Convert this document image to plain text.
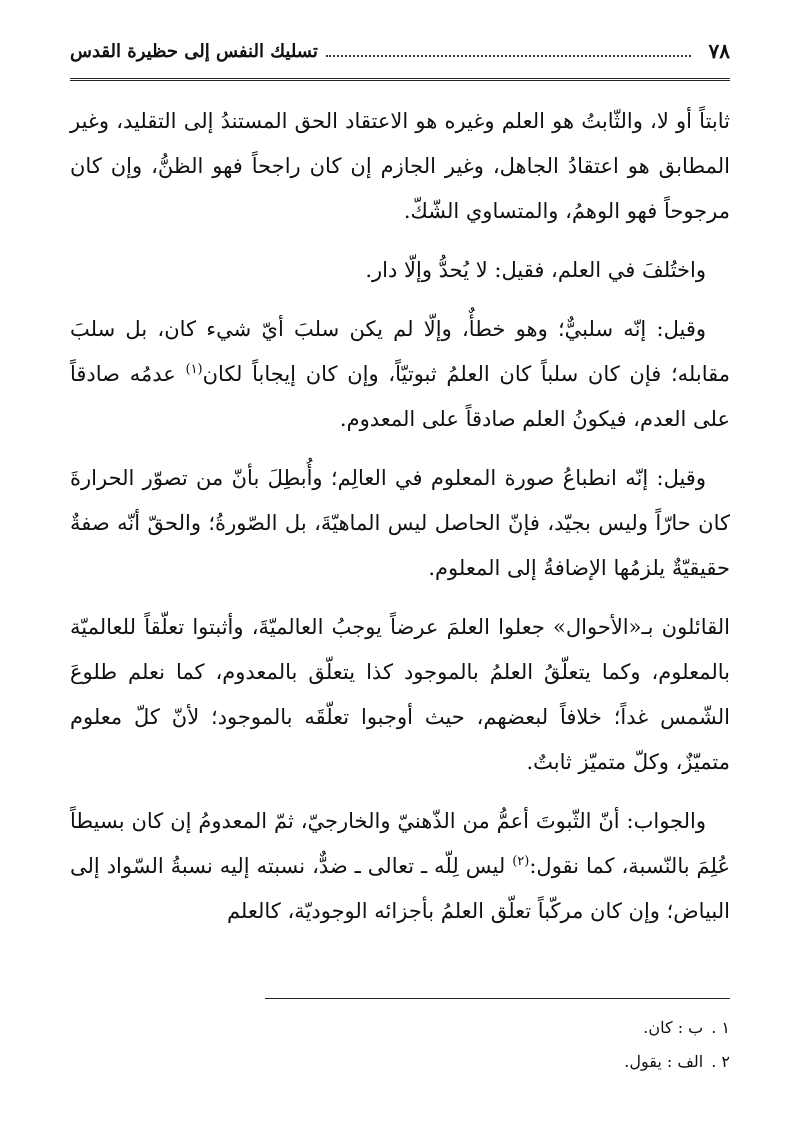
٧٨
تسليك النفس إلى حظيرة القدس

ثابتاً أو لا، والثّابتُ هو العلم وغيره هو الاعتقاد الحق المستندُ إلى التقليد، وغير المطابق هو اعتقادُ الجاهل، وغير الجازم إن كان راجحاً فهو الظنُّ، وإن كان مرجوحاً فهو الوهمُ، والمتساوي الشّكّ.

واختُلفَ في العلم، فقيل: لا يُحدُّ وإلّا دار.

وقيل: إنّه سلبيٌّ؛ وهو خطأٌ، وإلّا لم يكن سلبَ أيّ شيء كان، بل سلبَ مقابله؛ فإن كان سلباً كان العلمُ ثبوتيّاً، وإن كان إيجاباً لكان$^{(١)}$ عدمُه صادقاً على العدم، فيكونُ العلم صادقاً على المعدوم.

وقيل: إنّه انطباعُ صورة المعلوم في العالِم؛ وأُبطِلَ بأنّ من تصوّر الحرارةَ كان حارّاً وليس بجيّد، فإنّ الحاصل ليس الماهيّةَ، بل الصّورةُ؛ والحقّ أنّه صفةٌ حقيقيّةٌ يلزمُها الإضافةُ إلى المعلوم.

القائلون بـ«الأحوال» جعلوا العلمَ عرضاً يوجبُ العالميّةَ، وأثبتوا تعلّقاً للعالميّة بالمعلوم، وكما يتعلّقُ العلمُ بالموجود كذا يتعلّق بالمعدوم، كما نعلم طلوعَ الشّمس غداً؛ خلافاً لبعضهم، حيث أوجبوا تعلّقَه بالموجود؛ لأنّ كلّ معلوم متميّزٌ، وكلّ متميّز ثابتٌ.

والجواب: أنّ الثّبوتَ أعمُّ من الذّهنيّ والخارجيّ، ثمّ المعدومُ إن كان بسيطاً عُلِمَ بالنّسبة، كما نقول:$^{(٢)}$ ليس لِلّه ـ تعالى ـ ضدٌّ، نسبته إليه نسبةُ السّواد إلى البياض؛ وإن كان مركّباً تعلّق العلمُ بأجزائه الوجوديّة، كالعلم

١ .
ب : كان.
٢ .
الف : يقول.
